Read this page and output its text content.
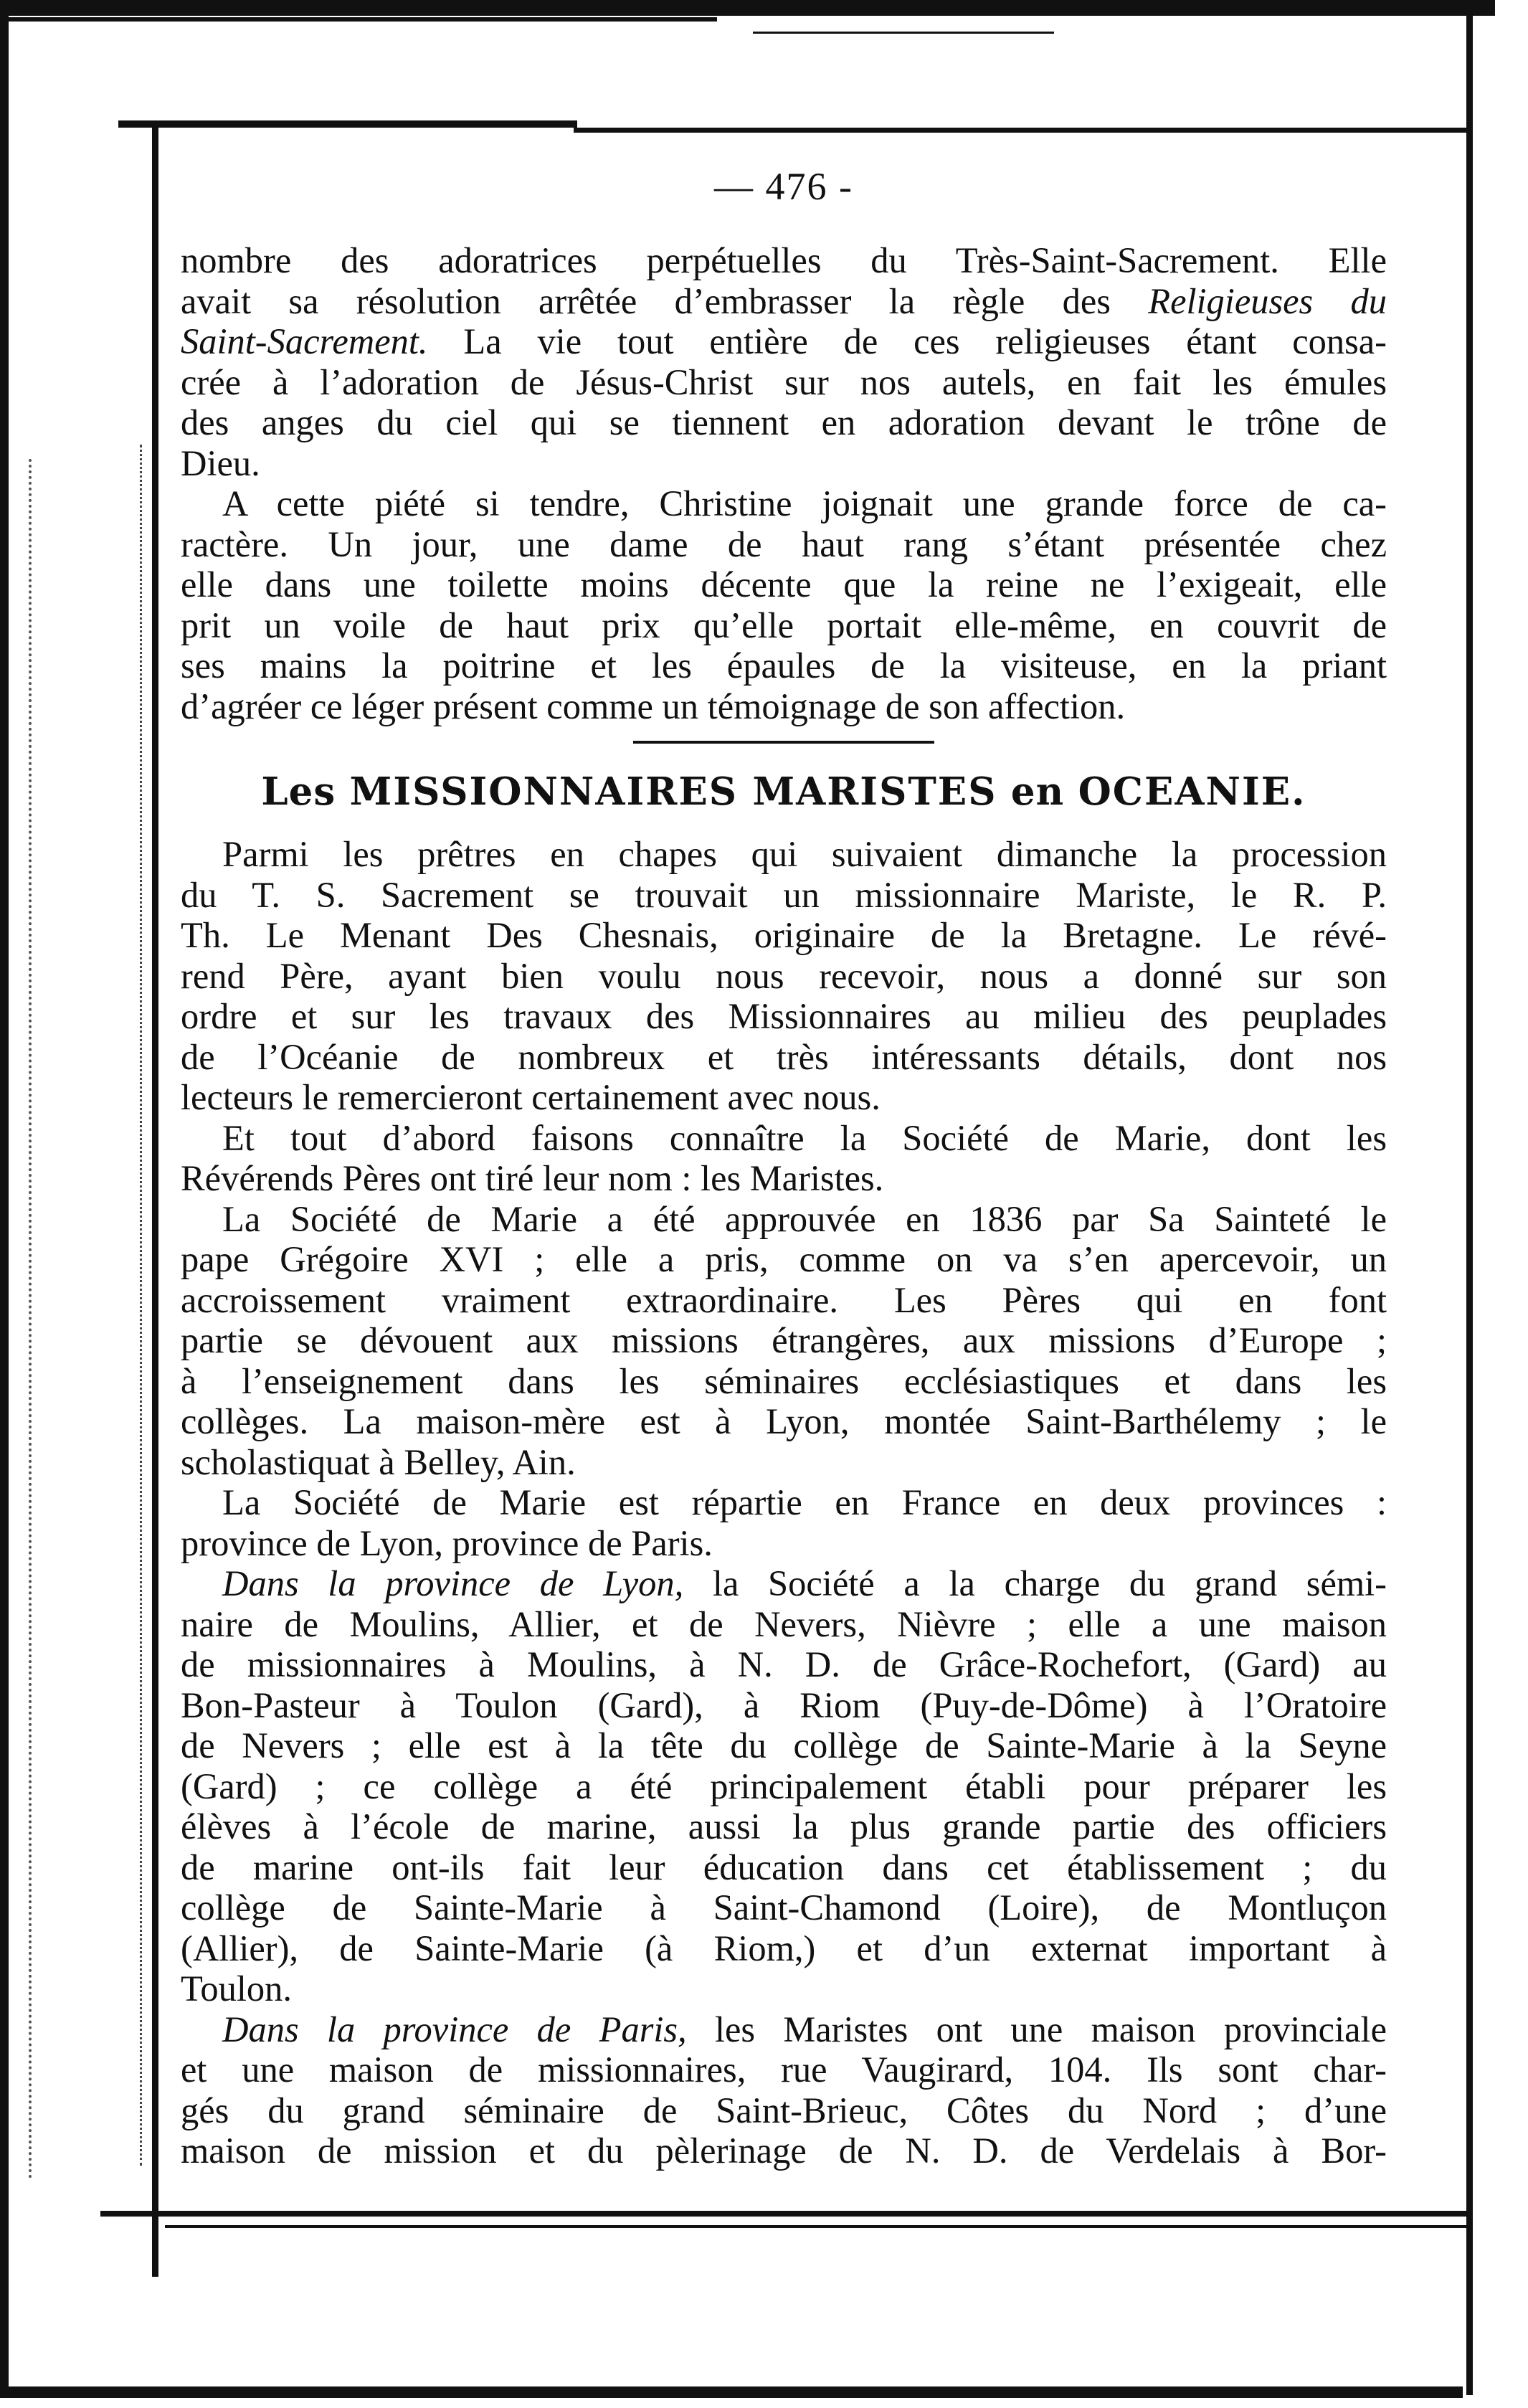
— 476 -

nombre des adoratrices perpétuelles du Très-Saint-Sacrement. Elle
avait sa résolution arrêtée d’embrasser la règle des Religieuses du
Saint-Sacrement. La vie tout entière de ces religieuses étant consa-
crée à l’adoration de Jésus-Christ sur nos autels, en fait les émules
des anges du ciel qui se tiennent en adoration devant le trône de
Dieu.

A cette piété si tendre, Christine joignait une grande force de ca-
ractère. Un jour, une dame de haut rang s’étant présentée chez
elle dans une toilette moins décente que la reine ne l’exigeait, elle
prit un voile de haut prix qu’elle portait elle-même, en couvrit de
ses mains la poitrine et les épaules de la visiteuse, en la priant
d’agréer ce léger présent comme un témoignage de son affection.

Les MISSIONNAIRES MARISTES en OCEANIE.

Parmi les prêtres en chapes qui suivaient dimanche la procession
du T. S. Sacrement se trouvait un missionnaire Mariste, le R. P.
Th. Le Menant Des Chesnais, originaire de la Bretagne. Le révé-
rend Père, ayant bien voulu nous recevoir, nous a donné sur son
ordre et sur les travaux des Missionnaires au milieu des peuplades
de l’Océanie de nombreux et très intéressants détails, dont nos
lecteurs le remercieront certainement avec nous.

Et tout d’abord faisons connaître la Société de Marie, dont les
Révérends Pères ont tiré leur nom : les Maristes.

La Société de Marie a été approuvée en 1836 par Sa Sainteté le
pape Grégoire XVI ; elle a pris, comme on va s’en apercevoir, un
accroissement vraiment extraordinaire. Les Pères qui en font
partie se dévouent aux missions étrangères, aux missions d’Europe ;
à l’enseignement dans les séminaires ecclésiastiques et dans les
collèges. La maison-mère est à Lyon, montée Saint-Barthélemy ; le
scholastiquat à Belley, Ain.

La Société de Marie est répartie en France en deux provinces :
province de Lyon, province de Paris.

Dans la province de Lyon, la Société a la charge du grand sémi-
naire de Moulins, Allier, et de Nevers, Nièvre ; elle a une maison
de missionnaires à Moulins, à N. D. de Grâce-Rochefort, (Gard) au
Bon-Pasteur à Toulon (Gard), à Riom (Puy-de-Dôme) à l’Oratoire
de Nevers ; elle est à la tête du collège de Sainte-Marie à la Seyne
(Gard) ; ce collège a été principalement établi pour préparer les
élèves à l’école de marine, aussi la plus grande partie des officiers
de marine ont-ils fait leur éducation dans cet établissement ; du
collège de Sainte-Marie à Saint-Chamond (Loire), de Montluçon
(Allier), de Sainte-Marie (à Riom,) et d’un externat important à
Toulon.

Dans la province de Paris, les Maristes ont une maison provinciale
et une maison de missionnaires, rue Vaugirard, 104. Ils sont char-
gés du grand séminaire de Saint-Brieuc, Côtes du Nord ; d’une
maison de mission et du pèlerinage de N. D. de Verdelais à Bor-
